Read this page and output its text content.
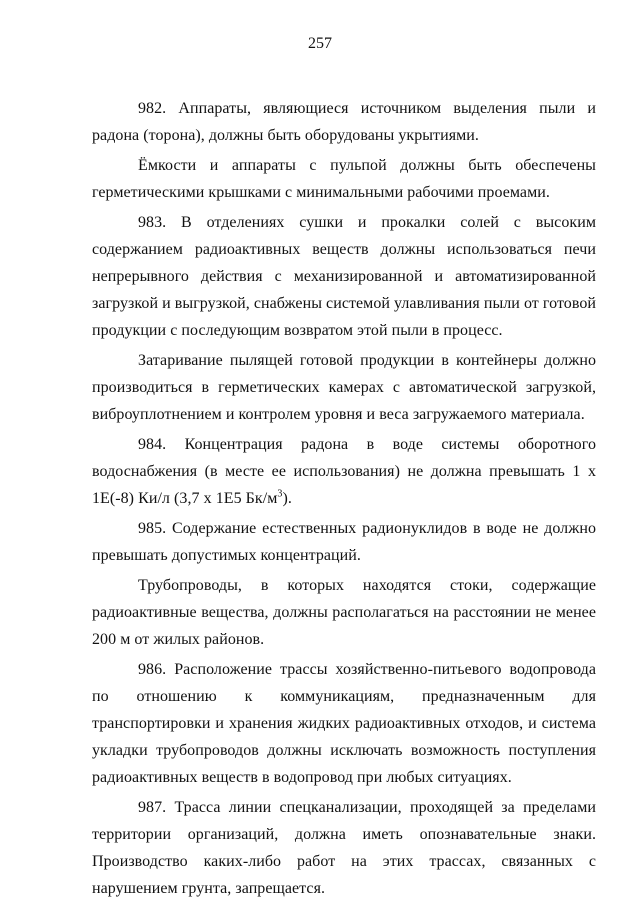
257

982. Аппараты, являющиеся источником выделения пыли и радона (торона), должны быть оборудованы укрытиями.

Ёмкости и аппараты с пульпой должны быть обеспечены герметическими крышками с минимальными рабочими проемами.

983. В отделениях сушки и прокалки солей с высоким содержанием радиоактивных веществ должны использоваться печи непрерывного действия с механизированной и автоматизированной загрузкой и выгрузкой, снабжены системой улавливания пыли от готовой продукции с последующим возвратом этой пыли в процесс.

Затаривание пылящей готовой продукции в контейнеры должно производиться в герметических камерах с автоматической загрузкой, виброуплотнением и контролем уровня и веса загружаемого материала.

984. Концентрация радона в воде системы оборотного водоснабжения (в месте ее использования) не должна превышать 1 х 1Е(-8) Ки/л (3,7 х 1Е5 $Бк/м^3$).

985. Содержание естественных радионуклидов в воде не должно превышать допустимых концентраций.

Трубопроводы, в которых находятся стоки, содержащие радиоактивные вещества, должны располагаться на расстоянии не менее 200 м от жилых районов.

986. Расположение трассы хозяйственно-питьевого водопровода по отношению к коммуникациям, предназначенным для транспортировки и хранения жидких радиоактивных отходов, и система укладки трубопроводов должны исключать возможность поступления радиоактивных веществ в водопровод при любых ситуациях.

987. Трасса линии спецканализации, проходящей за пределами территории организаций, должна иметь опознавательные знаки. Производство каких-либо работ на этих трассах, связанных с нарушением грунта, запрещается.
